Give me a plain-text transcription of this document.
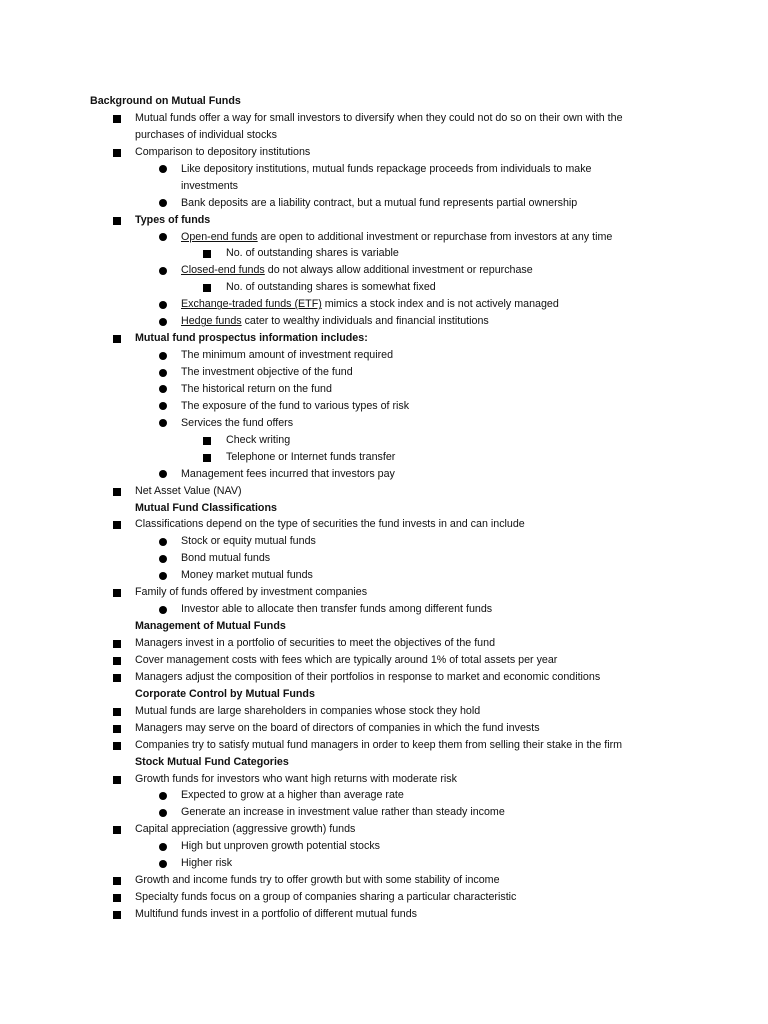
Background on Mutual Funds
Mutual funds offer a way for small investors to diversify when they could not do so on their own with the
purchases of individual stocks
Comparison to depository institutions
Like depository institutions, mutual funds repackage proceeds from individuals to make
investments
Bank deposits are a liability contract, but a mutual fund represents partial ownership
Types of funds
Open-end funds are open to additional investment or repurchase from investors at any time
No. of outstanding shares is variable
Closed-end funds do not always allow additional investment or repurchase
No. of outstanding shares is somewhat fixed
Exchange-traded funds (ETF) mimics a stock index and is not actively managed
Hedge funds cater to wealthy individuals and financial institutions
Mutual fund prospectus information includes:
The minimum amount of investment required
The investment objective of the fund
The historical return on the fund
The exposure of the fund to various types of risk
Services the fund offers
Check writing
Telephone or Internet funds transfer
Management fees incurred that investors pay
Net Asset Value (NAV)
Mutual Fund Classifications
Classifications depend on the type of securities the fund invests in and can include
Stock or equity mutual funds
Bond mutual funds
Money market mutual funds
Family of funds offered by investment companies
Investor able to allocate then transfer funds among different funds
Management of Mutual Funds
Managers invest in a portfolio of securities to meet the objectives of the fund
Cover management costs with fees which are typically around 1% of total assets per year
Managers adjust the composition of their portfolios in response to market and economic conditions
Corporate Control by Mutual Funds
Mutual funds are large shareholders in companies whose stock they hold
Managers may serve on the board of directors of companies in which the fund invests
Companies try to satisfy mutual fund managers in order to keep them from selling their stake in the firm
Stock Mutual Fund Categories
Growth funds for investors who want high returns with moderate risk
Expected to grow at a higher than average rate
Generate an increase in investment value rather than steady income
Capital appreciation (aggressive growth) funds
High but unproven growth potential stocks
Higher risk
Growth and income funds try to offer growth but with some stability of income
Specialty funds focus on a group of companies sharing a particular characteristic
Multifund funds invest in a portfolio of different mutual funds
